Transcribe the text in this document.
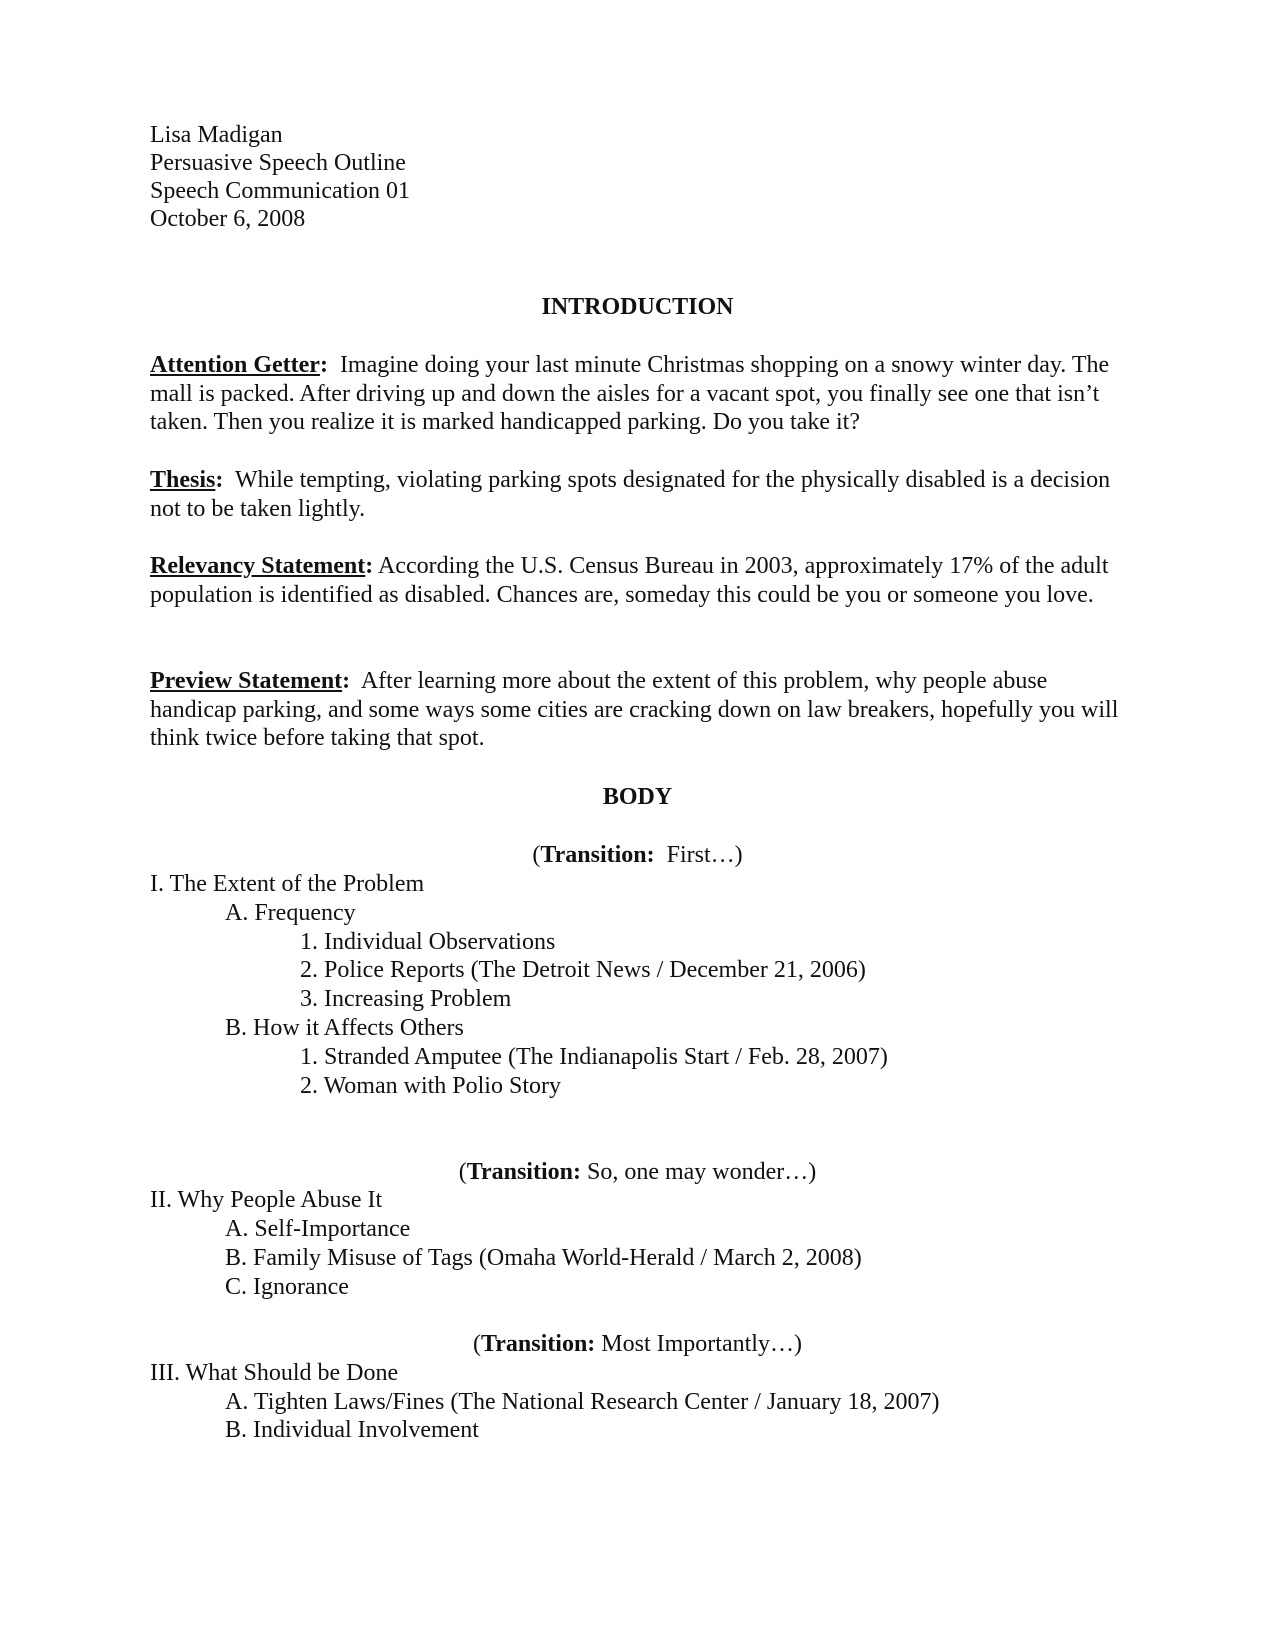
Lisa Madigan
Persuasive Speech Outline
Speech Communication 01
October 6, 2008
INTRODUCTION

Attention Getter: Imagine doing your last minute Christmas shopping on a snowy winter day. The mall is packed. After driving up and down the aisles for a vacant spot, you finally see one that isn’t taken. Then you realize it is marked handicapped parking. Do you take it?

Thesis: While tempting, violating parking spots designated for the physically disabled is a decision not to be taken lightly.

Relevancy Statement: According the U.S. Census Bureau in 2003, approximately 17% of the adult population is identified as disabled. Chances are, someday this could be you or someone you love.

Preview Statement: After learning more about the extent of this problem, why people abuse handicap parking, and some ways some cities are cracking down on law breakers, hopefully you will think twice before taking that spot.

BODY
(Transition: First…)
I. The Extent of the Problem
A. Frequency
1. Individual Observations
2. Police Reports (The Detroit News / December 21, 2006)
3. Increasing Problem
B. How it Affects Others
1. Stranded Amputee (The Indianapolis Start / Feb. 28, 2007)
2. Woman with Polio Story
(Transition: So, one may wonder…)
II. Why People Abuse It
A. Self-Importance
B. Family Misuse of Tags (Omaha World-Herald / March 2, 2008)
C. Ignorance
(Transition: Most Importantly…)
III. What Should be Done
A. Tighten Laws/Fines (The National Research Center / January 18, 2007)
B. Individual Involvement
